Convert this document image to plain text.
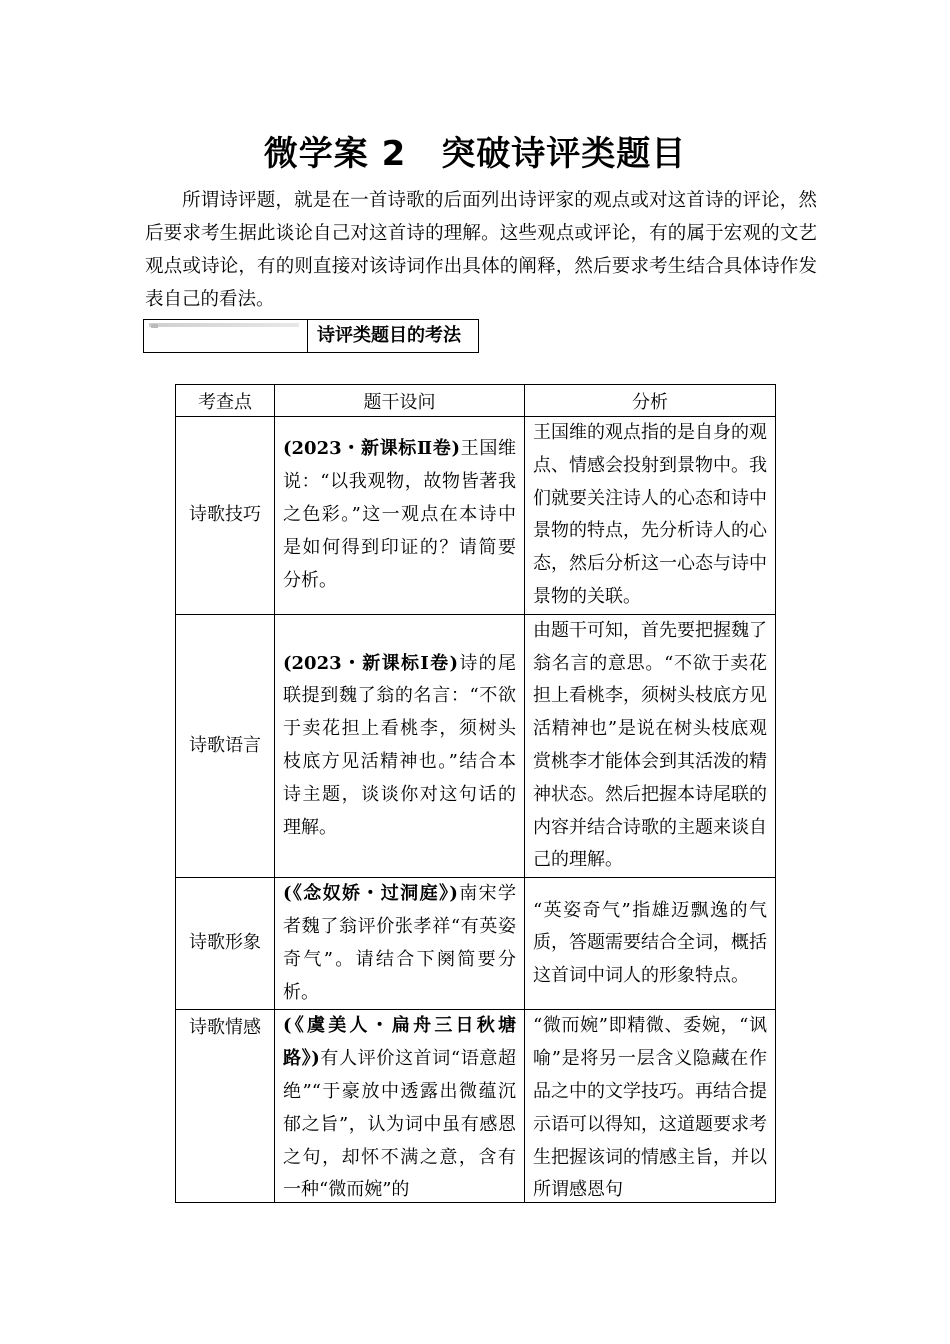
微学案 2　突破诗评类题目
所谓诗评题，就是在一首诗歌的后面列出诗评家的观点或对这首诗的评论，然后要求考生据此谈论自己对这首诗的理解。这些观点或评论，有的属于宏观的文艺观点或诗论，有的则直接对该诗词作出具体的阐释，然后要求考生结合具体诗作发表自己的看法。
诗评类题目的考法
考查点	题干设问	分析
诗歌技巧	(2023・新课标Ⅱ卷)王国维说：“以我观物，故物皆著我之色彩。”这一观点在本诗中是如何得到印证的？请简要分析。	王国维的观点指的是自身的观点、情感会投射到景物中。我们就要关注诗人的心态和诗中景物的特点，先分析诗人的心态，然后分析这一心态与诗中景物的关联。
诗歌语言	(2023・新课标Ⅰ卷)诗的尾联提到魏了翁的名言：“不欲于卖花担上看桃李，须树头枝底方见活精神也。”结合本诗主题，谈谈你对这句话的理解。	由题干可知，首先要把握魏了翁名言的意思。“不欲于卖花担上看桃李，须树头枝底方见活精神也”是说在树头枝底观赏桃李才能体会到其活泼的精神状态。然后把握本诗尾联的内容并结合诗歌的主题来谈自己的理解。
诗歌形象	(《念奴娇・过洞庭》)南宋学者魏了翁评价张孝祥“有英姿奇气”。请结合下阕简要分析。	“英姿奇气”指雄迈飘逸的气质，答题需要结合全词，概括这首词中词人的形象特点。
诗歌情感	(《虞美人・扁舟三日秋塘路》)有人评价这首词“语意超绝”“于豪放中透露出微蕴沉郁之旨”，认为词中虽有感恩之句，却怀不满之意，含有一种“微而婉”的	“微而婉”即精微、委婉，“讽喻”是将另一层含义隐藏在作品之中的文学技巧。再结合提示语可以得知，这道题要求考生把握该词的情感主旨，并以所谓感恩句
